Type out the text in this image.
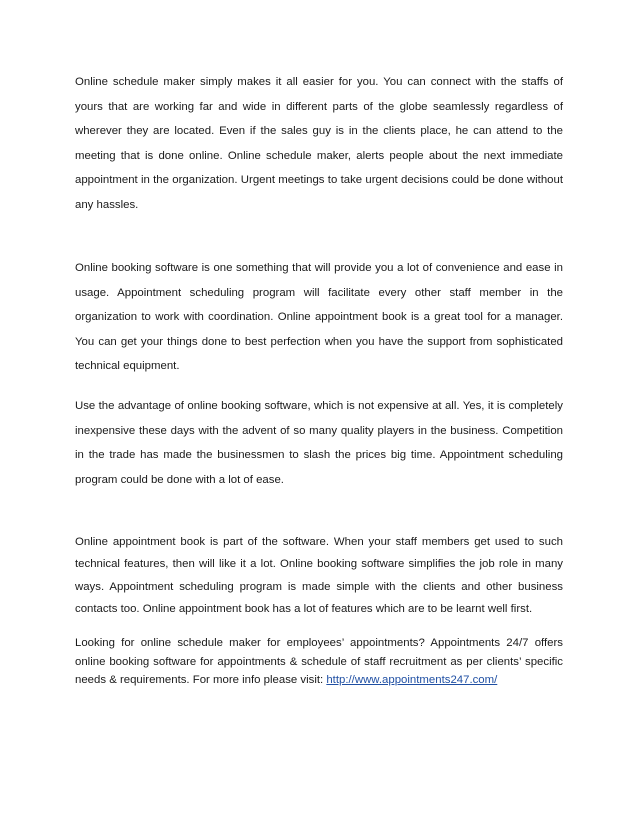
Online schedule maker simply makes it all easier for you. You can connect with the staffs of yours that are working far and wide in different parts of the globe seamlessly regardless of wherever they are located. Even if the sales guy is in the clients place, he can attend to the meeting that is done online. Online schedule maker, alerts people about the next immediate appointment in the organization. Urgent meetings to take urgent decisions could be done without any hassles.

Online booking software is one something that will provide you a lot of convenience and ease in usage. Appointment scheduling program will facilitate every other staff member in the organization to work with coordination. Online appointment book is a great tool for a manager. You can get your things done to best perfection when you have the support from sophisticated technical equipment.

Use the advantage of online booking software, which is not expensive at all. Yes, it is completely inexpensive these days with the advent of so many quality players in the business. Competition in the trade has made the businessmen to slash the prices big time. Appointment scheduling program could be done with a lot of ease.

Online appointment book is part of the software. When your staff members get used to such technical features, then will like it a lot. Online booking software simplifies the job role in many ways. Appointment scheduling program is made simple with the clients and other business contacts too. Online appointment book has a lot of features which are to be learnt well first.

Looking for online schedule maker for employees’ appointments? Appointments 24/7 offers online booking software for appointments & schedule of staff recruitment as per clients’ specific needs & requirements. For more info please visit: http://www.appointments247.com/
